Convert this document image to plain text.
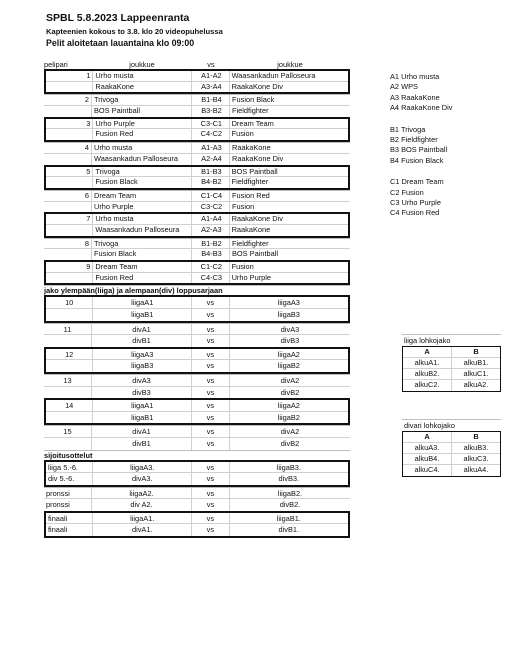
SPBL 5.8.2023 Lappeenranta
Kapteenien kokous to 3.8. klo 20 videopuhelussa
Pelit aloitetaan lauantaina klo 09:00
pelipari	joukkue	vs	joukkue
1 Urho musta	A1-A2	Waasankadun Palloseura
RaakaKone	A3-A4	RaakaKone Div
2 Trivoga	B1-B4	Fusion Black
BOS Paintball	B3-B2	Fieldfighter
3 Urho Purple	C3-C1	Dream Team
Fusion Red	C4-C2	Fusion
4 Urho musta	A1-A3	RaakaKone
Waasankadun Palloseura	A2-A4	RaakaKone Div
5 Trivoga	B1-B3	BOS Paintball
Fusion Black	B4-B2	Fieldfighter
6 Dream Team	C1-C4	Fusion Red
Urho Purple	C3-C2	Fusion
7 Urho musta	A1-A4	RaakaKone Div
Waasankadun Palloseura	A2-A3	RaakaKone
8 Trivoga	B1-B2	Fieldfighter
Fusion Black	B4-B3	BOS Paintball
9 Dream Team	C1-C2	Fusion
Fusion Red	C4-C3	Urho Purple
jako ylempään(liiga) ja alempaan(div) loppusarjaan
10	liigaA1	vs	liigaA3
liigaB1	vs	liigaB3
11	divA1	vs	divA3
divB1	vs	divB3
12	liigaA3	vs	liigaA2
liigaB3	vs	liigaB2
13	divA3	vs	divA2
divB3	vs	divB2
14	liigaA1	vs	liigaA2
liigaB1	vs	liigaB2
15	divA1	vs	divA2
divB1	vs	divB2
sijoitusottelut
liiga 5.-6.	liigaA3.	vs	liigaB3.
div 5.-6.	divA3.	vs	divB3.
pronssi	liigaA2.	vs	liigaB2.
pronssi	div A2.	vs	divB2.
finaali	liigaA1.	vs	liigaB1.
finaali	divA1.	vs	divB1.
A1 Urho musta
A2 WPS
A3 RaakaKone
A4 RaakaKone Div
B1 Trivoga
B2 Fieldfighter
B3 BOS Paintball
B4 Fusion Black
C1 Dream Team
C2 Fusion
C3 Urho Purple
C4 Fusion Red
liiga lohkojako
A	B
alkuA1.	alkuB1.
alkuB2.	alkuC1.
alkuC2.	alkuA2.
divari lohkojako
A	B
alkuA3.	alkuB3.
alkuB4.	alkuC3.
alkuC4.	alkuA4.
